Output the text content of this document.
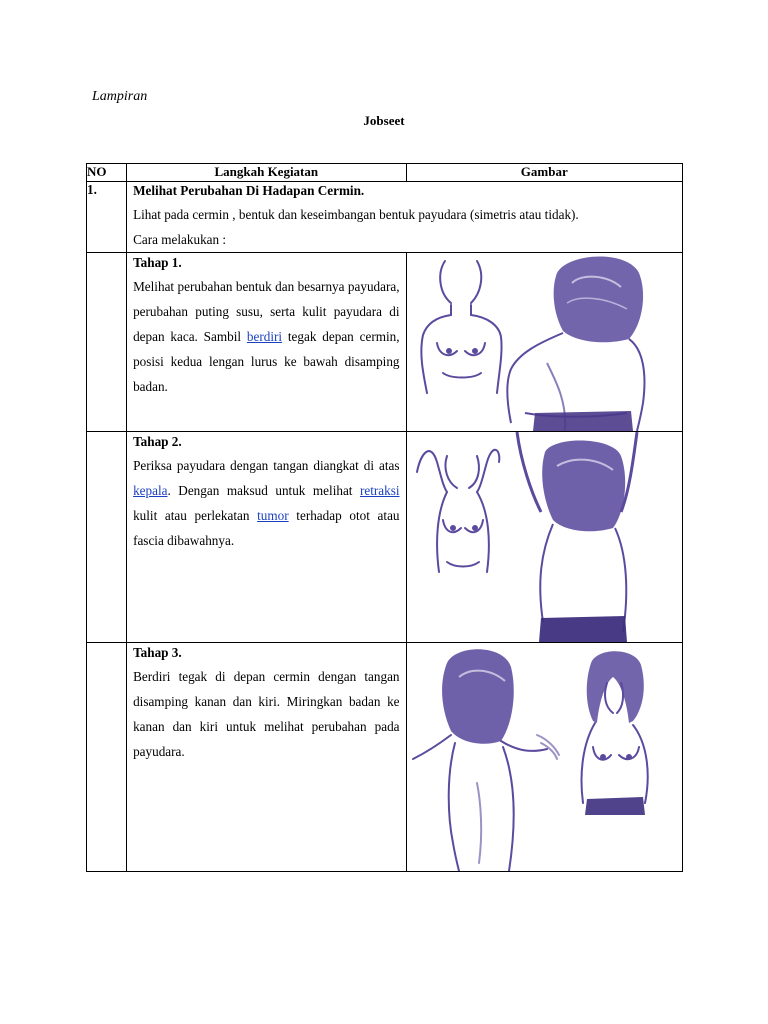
Lampiran
Jobseet
NO	Langkah Kegiatan	Gambar
1.	Melihat Perubahan Di Hadapan Cermin.
Lihat pada cermin , bentuk dan keseimbangan bentuk payudara (simetris atau tidak).
Cara melakukan :	

	Tahap 1.
Melihat perubahan bentuk dan besarnya payudara, perubahan puting susu, serta kulit payudara di depan kaca. Sambil berdiri tegak depan cermin, posisi kedua lengan lurus ke bawah disamping badan.

	Tahap 2.
Periksa payudara dengan tangan diangkat di atas kepala. Dengan maksud untuk melihat retraksi kulit atau perlekatan tumor terhadap otot atau fascia dibawahnya.

	Tahap 3.
Berdiri tegak di depan cermin dengan tangan disamping kanan dan kiri. Miringkan badan ke kanan dan kiri untuk melihat perubahan pada payudara.
